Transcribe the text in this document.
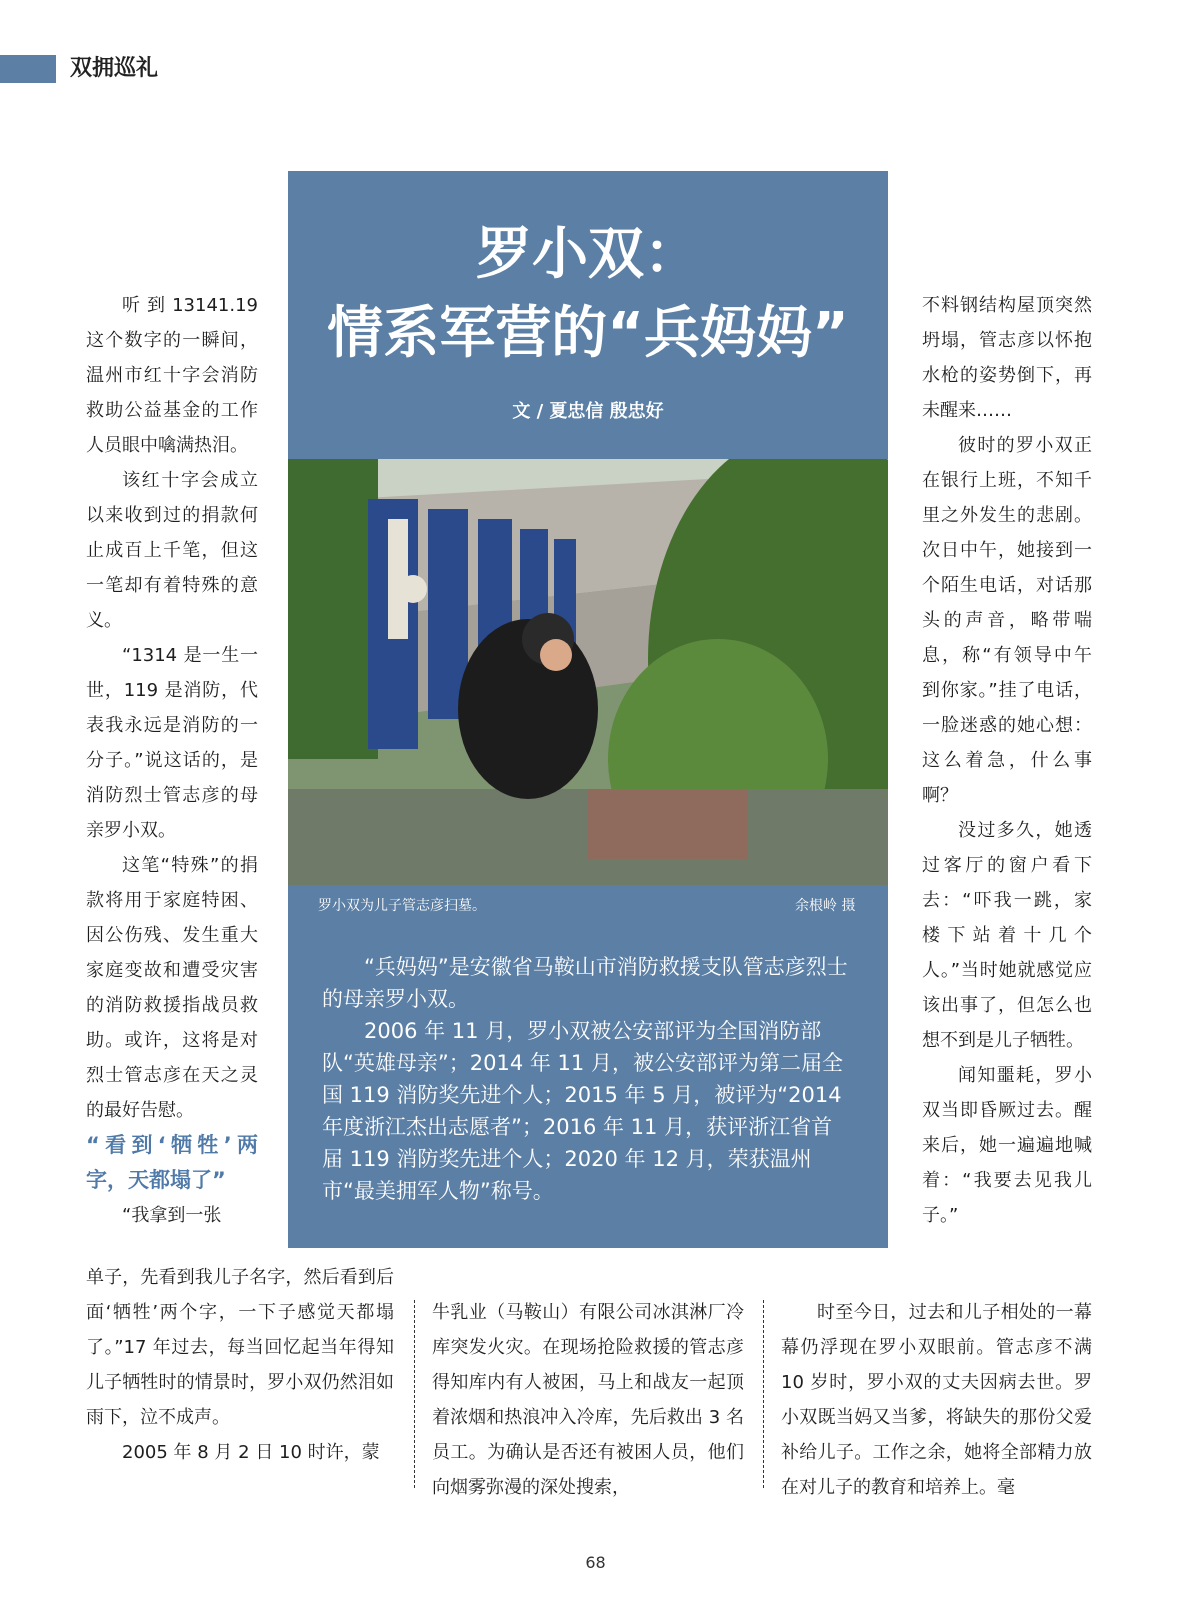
双拥巡礼
罗小双：
情系军营的“兵妈妈”
文 / 夏忠信 殷忠好
罗小双为儿子管志彦扫墓。	余根岭 摄

“兵妈妈”是安徽省马鞍山市消防救援支队管志彦烈士的母亲罗小双。

2006 年 11 月，罗小双被公安部评为全国消防部队“英雄母亲”；2014 年 11 月，被公安部评为第二届全国 119 消防奖先进个人；2015 年 5 月，被评为“2014 年度浙江杰出志愿者”；2016 年 11 月，获评浙江省首届 119 消防奖先进个人；2020 年 12 月，荣获温州市“最美拥军人物”称号。

听到13141.19这个数字的一瞬间，温州市红十字会消防救助公益基金的工作人员眼中噙满热泪。

该红十字会成立以来收到过的捐款何止成百上千笔，但这一笔却有着特殊的意义。

“1314 是一生一世，119 是消防，代表我永远是消防的一分子。”说这话的，是消防烈士管志彦的母亲罗小双。

这笔“特殊”的捐款将用于家庭特困、因公伤残、发生重大家庭变故和遭受灾害的消防救援指战员救助。或许，这将是对烈士管志彦在天之灵的最好告慰。

“看到‘牺牲’两字，天都塌了”

“我拿到一张

不料钢结构屋顶突然坍塌，管志彦以怀抱水枪的姿势倒下，再未醒来……

彼时的罗小双正在银行上班，不知千里之外发生的悲剧。次日中午，她接到一个陌生电话，对话那头的声音，略带喘息，称“有领导中午到你家。”挂了电话，一脸迷惑的她心想：这么着急，什么事啊？

没过多久，她透过客厅的窗户看下去：“吓我一跳，家楼下站着十几个人。”当时她就感觉应该出事了，但怎么也想不到是儿子牺牲。

闻知噩耗，罗小双当即昏厥过去。醒来后，她一遍遍地喊着：“我要去见我儿子。”

单子，先看到我儿子名字，然后看到后面‘牺牲’两个字，一下子感觉天都塌了。”17 年过去，每当回忆起当年得知儿子牺牲时的情景时，罗小双仍然泪如雨下，泣不成声。

2005 年 8 月 2 日 10 时许，蒙

牛乳业（马鞍山）有限公司冰淇淋厂冷库突发火灾。在现场抢险救援的管志彦得知库内有人被困，马上和战友一起顶着浓烟和热浪冲入冷库，先后救出 3 名员工。为确认是否还有被困人员，他们向烟雾弥漫的深处搜索，

时至今日，过去和儿子相处的一幕幕仍浮现在罗小双眼前。管志彦不满 10 岁时，罗小双的丈夫因病去世。罗小双既当妈又当爹，将缺失的那份父爱补给儿子。工作之余，她将全部精力放在对儿子的教育和培养上。毫

68
